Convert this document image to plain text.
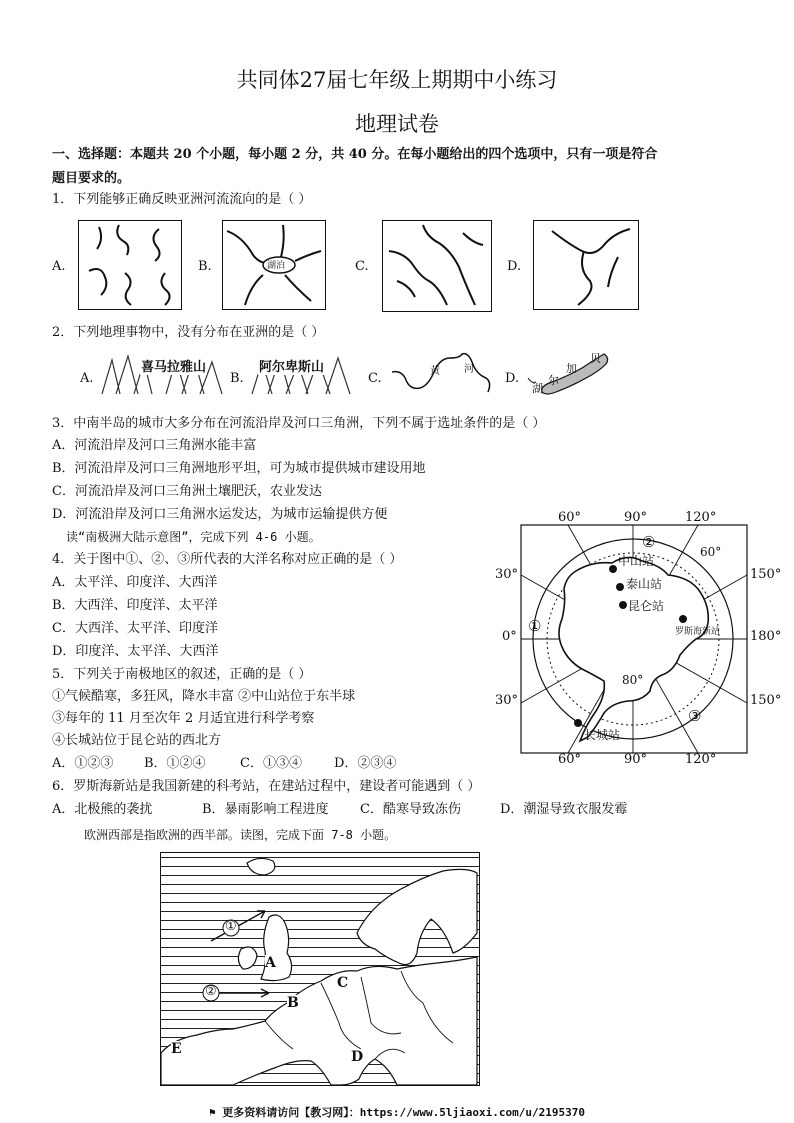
共同体27届七年级上期期中小练习
地理试卷
一、选择题：本题共 20 个小题，每小题 2 分，共 40 分。在每小题给出的四个选项中，只有一项是符合
题目要求的。
1．下列能够正确反映亚洲河流流向的是（ ）
A.	B.	湖泊	C.	D.
2．下列地理事物中，没有分布在亚洲的是（ ）
A.
喜马拉雅山
B.
阿尔卑斯山
C.	黄 河
D.
贝
加
尔
湖
3．中南半岛的城市大多分布在河流沿岸及河口三角洲，下列不属于选址条件的是（ ）
A．河流沿岸及河口三角洲水能丰富
B．河流沿岸及河口三角洲地形平坦，可为城市提供城市建设用地
C．河流沿岸及河口三角洲土壤肥沃，农业发达
D．河流沿岸及河口三角洲水运发达，为城市运输提供方便
读“南极洲大陆示意图”，完成下列 4-6 小题。
4．关于图中①、②、③所代表的大洋名称对应正确的是（ ）
A．太平洋、印度洋、大西洋
B．大西洋、印度洋、太平洋
C．大西洋、太平洋、印度洋
D．印度洋、太平洋、大西洋
5．下列关于南极地区的叙述，正确的是（ ）
①气候酷寒，多狂风，降水丰富 ②中山站位于东半球
③每年的 11 月至次年 2 月适宜进行科学考察
④长城站位于昆仑站的西北方
A．①②③ B．①②④	C．①③④ D．②③④
6．罗斯海新站是我国新建的科考站，在建站过程中，建设者可能遇到（ ）
A．北极熊的袭扰	B．暴雨影响工程进度 C．酷寒导致冻伤	D．潮湿导致衣服发霉
欧洲西部是指欧洲的西半部。读图，完成下面 7-8 小题。
60°	90°	120°
60°	90°	120°
30°
0°
30°
150°
180°
150°
60°
80°
①
②
③
中山站
泰山站
昆仑站
罗斯海新站
长城站
①
②
A
B
C
D
E
⚑ 更多资料请访问【教习网】：https://www.5ljiaoxi.com/u/2195370
